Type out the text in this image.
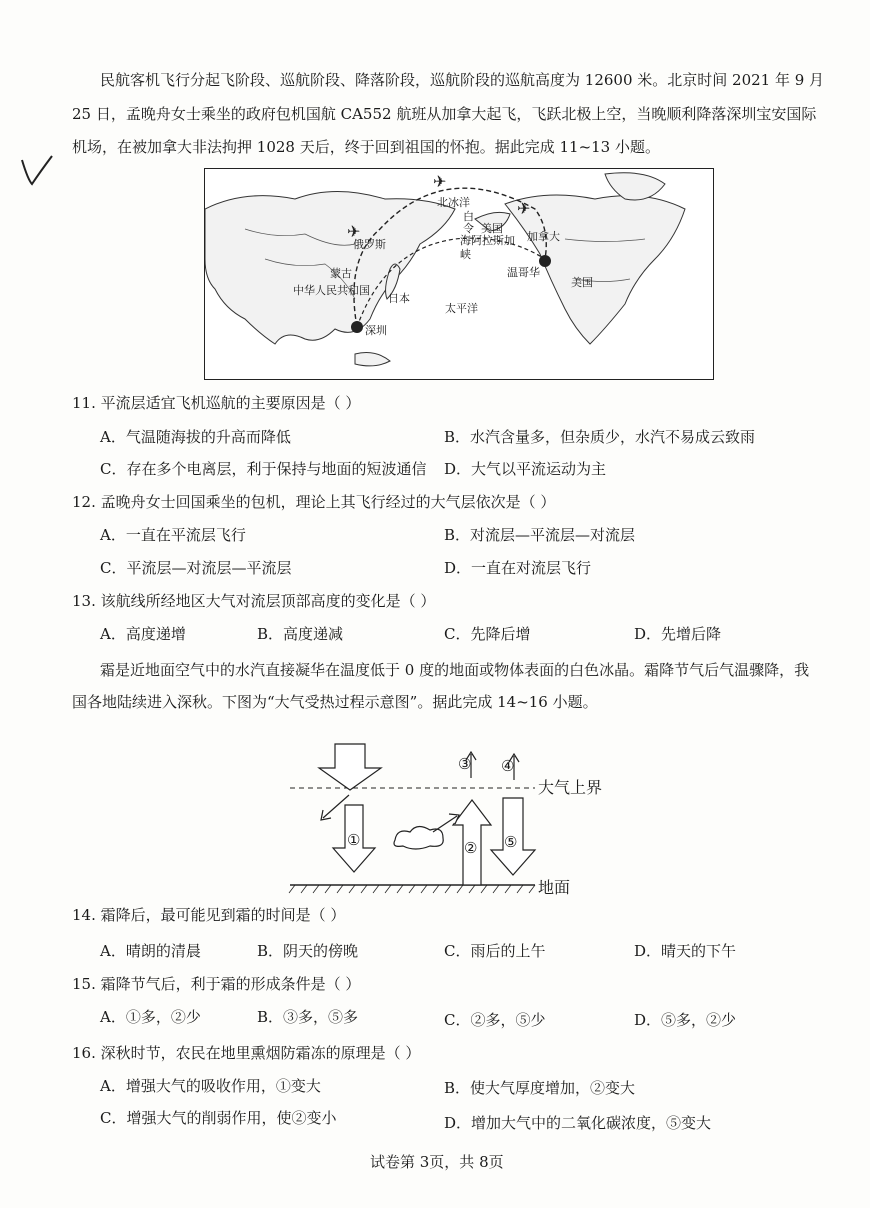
民航客机飞行分起飞阶段、巡航阶段、降落阶段，巡航阶段的巡航高度为 12600 米。北京时间 2021 年 9 月
25 日，孟晚舟女士乘坐的政府包机国航 CA552 航班从加拿大起飞，飞跃北极上空，当晚顺利降落深圳宝安国际
机场，在被加拿大非法拘押 1028 天后，终于回到祖国的怀抱。据此完成 11~13 小题。
✈
✈
✈
北冰洋
白
令 美国
海阿拉斯加
峡
加拿大
俄罗斯
蒙古
中华人民共和国
日本
太平洋
深圳
温哥华
美国
11. 平流层适宜飞机巡航的主要原因是（ ）
A．气温随海拔的升高而降低	B．水汽含量多，但杂质少，水汽不易成云致雨
C．存在多个电离层，利于保持与地面的短波通信 D．大气以平流运动为主
12. 孟晚舟女士回国乘坐的包机，理论上其飞行经过的大气层依次是（ ）
A．一直在平流层飞行	B．对流层—平流层—对流层
C．平流层—对流层—平流层	D．一直在对流层飞行
13. 该航线所经地区大气对流层顶部高度的变化是（ ）
A．高度递增	B．高度递减	C．先降后增	D．先增后降
霜是近地面空气中的水汽直接凝华在温度低于 0 度的地面或物体表面的白色冰晶。霜降节气后气温骤降，我
国各地陆续进入深秋。下图为“大气受热过程示意图”。据此完成 14~16 小题。
③ ④
①	② ⑤
大气上界
地面
14. 霜降后，最可能见到霜的时间是（ ）
A．晴朗的清晨	B．阴天的傍晚	C．雨后的上午	D．晴天的下午
15. 霜降节气后，利于霜的形成条件是（ ）
A．①多，②少	B．③多，⑤多	C．②多，⑤少	D．⑤多，②少
16. 深秋时节，农民在地里熏烟防霜冻的原理是（ ）
A．增强大气的吸收作用，①变大	B．使大气厚度增加，②变大
C．增强大气的削弱作用，使②变小	D．增加大气中的二氧化碳浓度，⑤变大
试卷第 3页，共 8页
